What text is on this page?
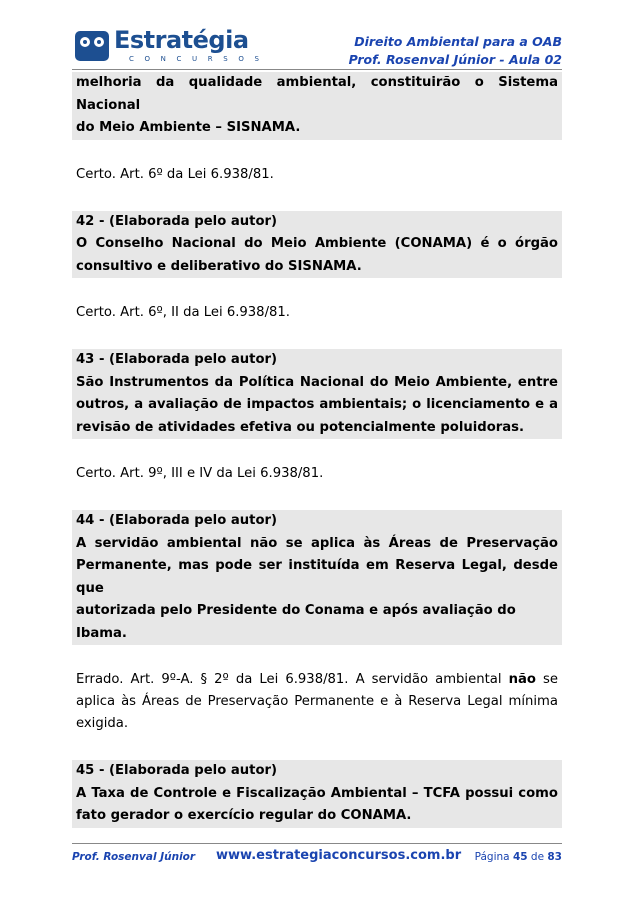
Estratégia
C O N C U R S O S
Direito Ambiental para a OAB
Prof. Rosenval Júnior - Aula 02
melhoria da qualidade ambiental, constituirão o Sistema Nacional
do Meio Ambiente – SISNAMA.
Certo. Art. 6º da Lei 6.938/81.
42 - (Elaborada pelo autor)
O Conselho Nacional do Meio Ambiente (CONAMA) é o órgão
consultivo e deliberativo do SISNAMA.
Certo. Art. 6º, II da Lei 6.938/81.
43 - (Elaborada pelo autor)
São Instrumentos da Política Nacional do Meio Ambiente, entre
outros, a avaliação de impactos ambientais; o licenciamento e a
revisão de atividades efetiva ou potencialmente poluidoras.
Certo. Art. 9º, III e IV da Lei 6.938/81.
44 - (Elaborada pelo autor)
A servidão ambiental não se aplica às Áreas de Preservação
Permanente, mas pode ser instituída em Reserva Legal, desde que
autorizada pelo Presidente do Conama e após avaliação do Ibama.
Errado. Art. 9º-A. § 2º da Lei 6.938/81. A servidão ambiental não se
aplica às Áreas de Preservação Permanente e à Reserva Legal mínima
exigida.
45 - (Elaborada pelo autor)
A Taxa de Controle e Fiscalização Ambiental – TCFA possui como
fato gerador o exercício regular do CONAMA.
Prof. Rosenval Júnior www.estrategiaconcursos.com.br Página 45 de 83
